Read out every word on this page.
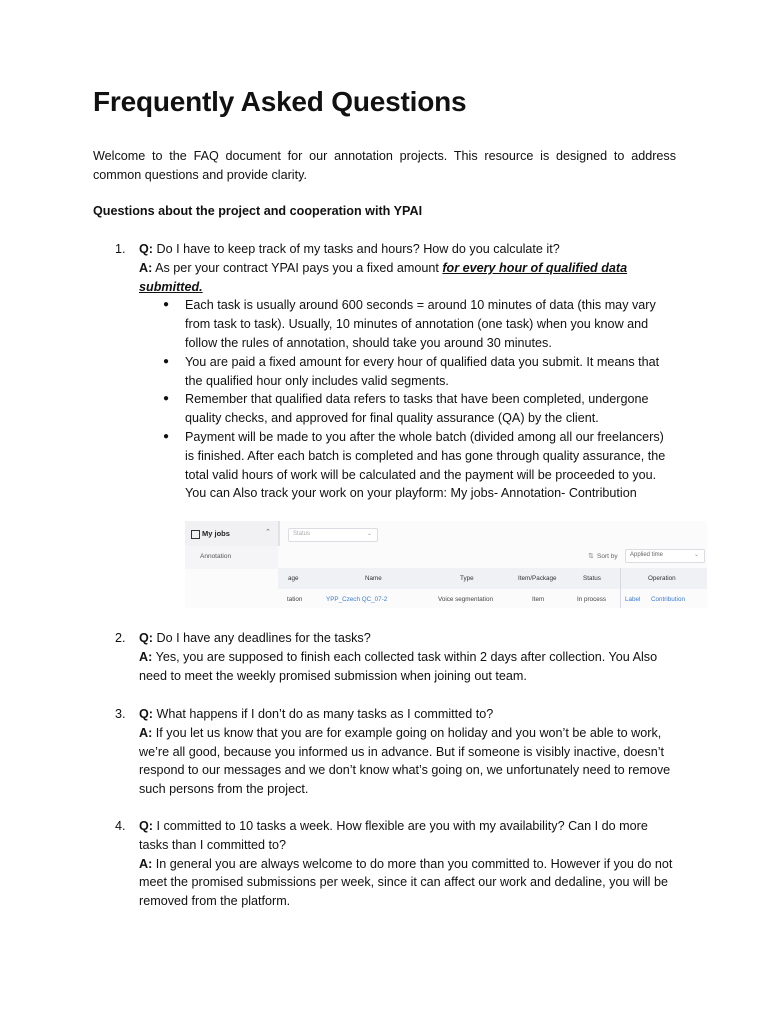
Frequently Asked Questions

Welcome to the FAQ document for our annotation projects. This resource is designed to address common questions and provide clarity.

Questions about the project and cooperation with YPAI

1. Q: Do I have to keep track of my tasks and hours? How do you calculate it?

A: As per your contract YPAI pays you a fixed amount for every hour of qualified data submitted.

● Each task is usually around 600 seconds = around 10 minutes of data (this may vary from task to task). Usually, 10 minutes of annotation (one task) when you know and follow the rules of annotation, should take you around 30 minutes.
● You are paid a fixed amount for every hour of qualified data you submit. It means that the qualified hour only includes valid segments.
● Remember that qualified data refers to tasks that have been completed, undergone quality checks, and approved for final quality assurance (QA) by the client.
● Payment will be made to you after the whole batch (divided among all our freelancers) is finished. After each batch is completed and has gone through quality assurance, the total valid hours of work will be calculated and the payment will be proceeded to you. You can Also track your work on your playform: My jobs- Annotation- Contribution
2. Q: Do I have any deadlines for the tasks?

A: Yes, you are supposed to finish each collected task within 2 days after collection. You Also need to meet the weekly promised submission when joining out team.

3. Q: What happens if I don’t do as many tasks as I committed to?

A: If you let us know that you are for example going on holiday and you won’t be able to work, we’re all good, because you informed us in advance. But if someone is visibly inactive, doesn’t respond to our messages and we don’t know what’s going on, we unfortunately need to remove such persons from the project.

4. Q: I committed to 10 tasks a week. How flexible are you with my availability? Can I do more tasks than I committed to?

A: In general you are always welcome to do more than you committed to. However if you do not meet the promised submissions per week, since it can affect our work and dedaline, you will be removed from the platform.

My jobs	⌃
Annotation
Status	⌄
⇅ Sort by Applied time	⌄
age	Name	Type	Item/Package	Status	Operation
tation	YPP_Czech QC_07-2	Voice segmentation	Item	In process	Label Contribution
